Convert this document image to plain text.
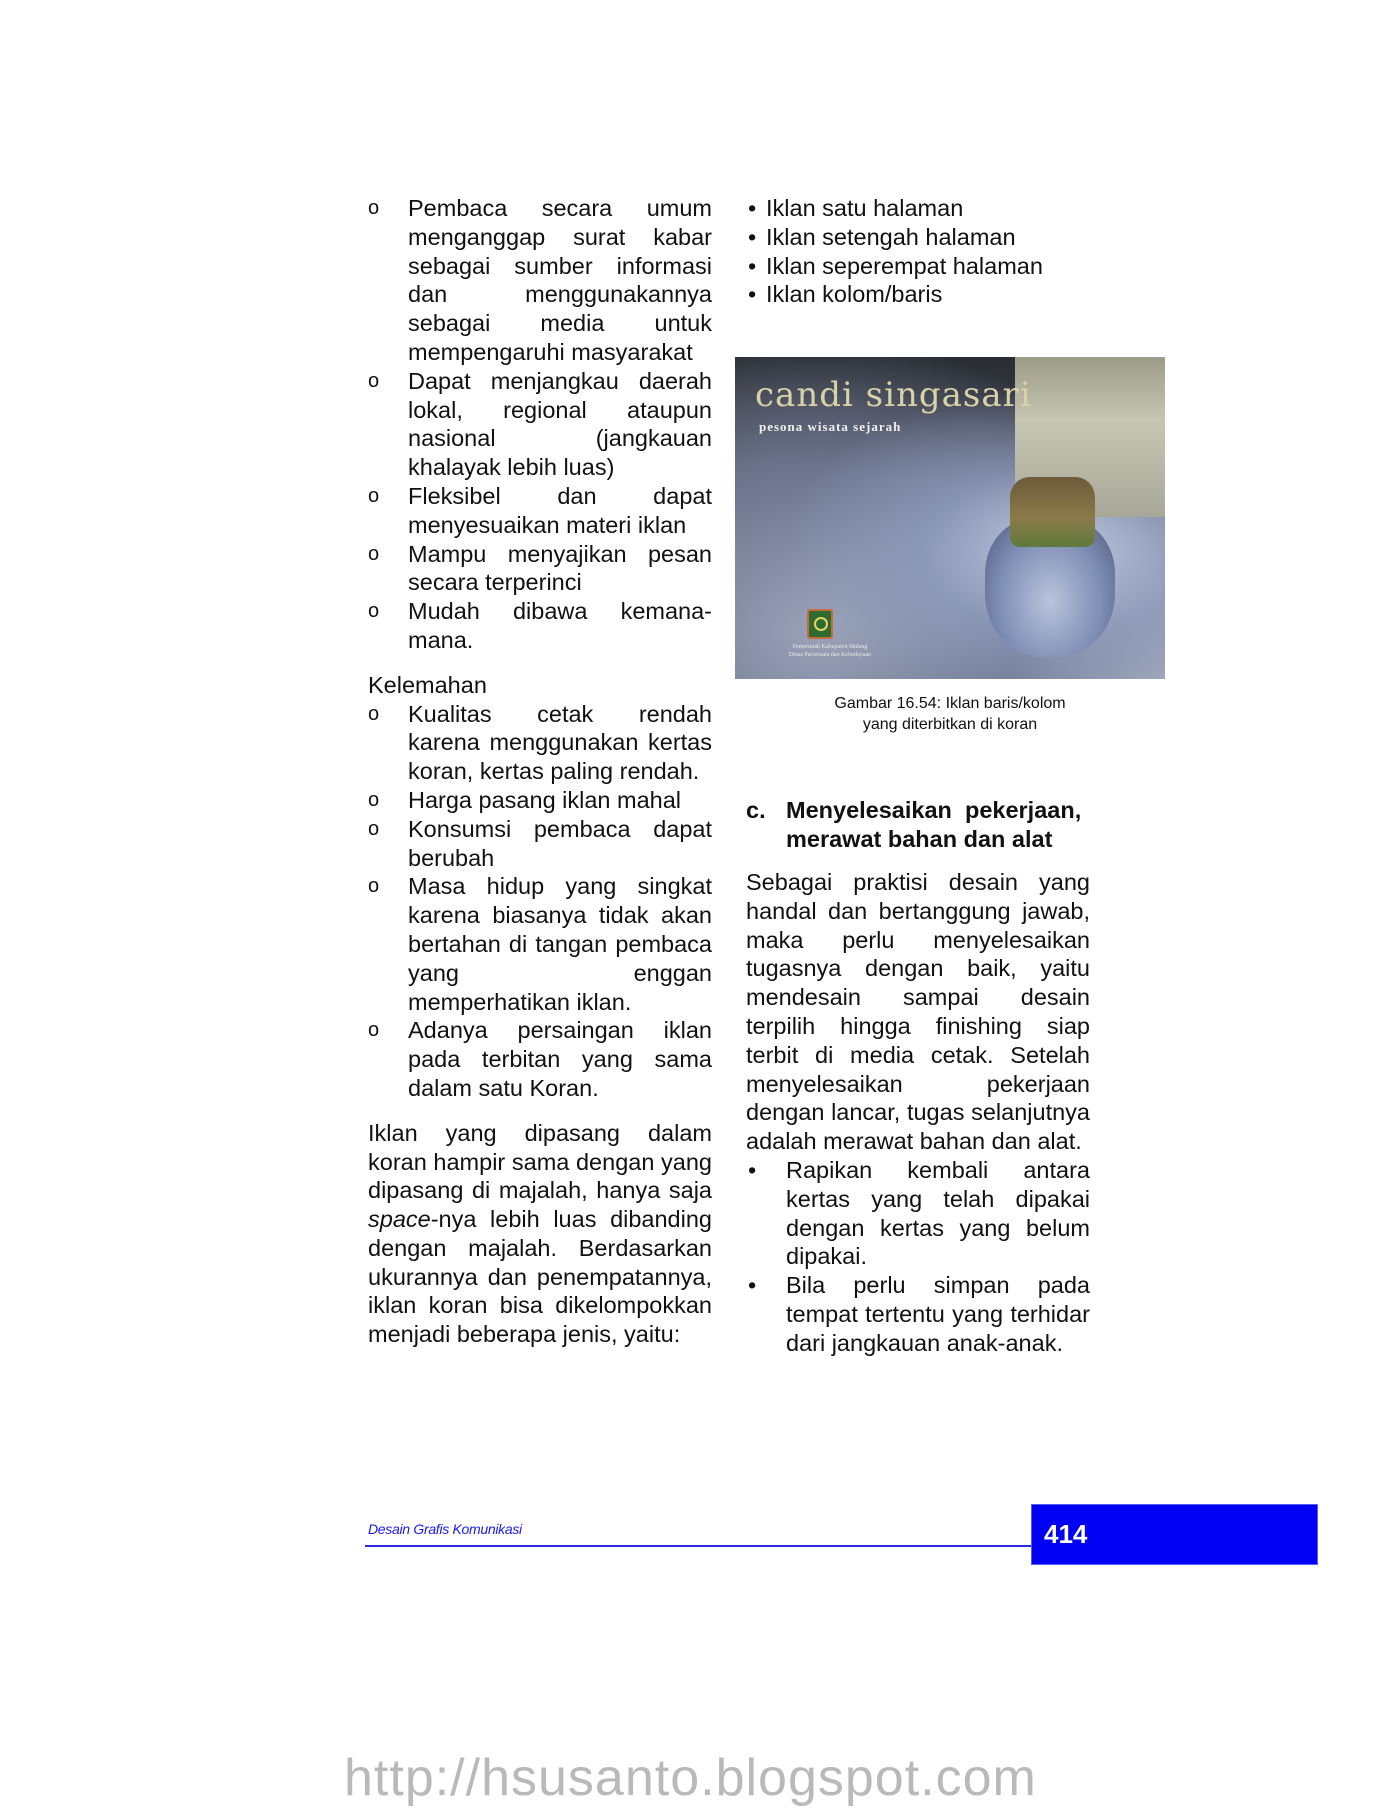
o Pembaca secara umum menganggap surat kabar sebagai sumber informasi dan menggunakannya sebagai media untuk mempengaruhi masyarakat
o Dapat menjangkau daerah lokal, regional ataupun nasional (jangkauan khalayak lebih luas)
o Fleksibel dan dapat menyesuaikan materi iklan
o Mampu menyajikan pesan secara terperinci
o Mudah dibawa kemana-mana.
Kelemahan
o Kualitas cetak rendah karena menggunakan kertas koran, kertas paling rendah.
o Harga pasang iklan mahal
o Konsumsi pembaca dapat berubah
o Masa hidup yang singkat karena biasanya tidak akan bertahan di tangan pembaca yang enggan memperhatikan iklan.
o Adanya persaingan iklan pada terbitan yang sama dalam satu Koran.

Iklan yang dipasang dalam koran hampir sama dengan yang dipasang di majalah, hanya saja space-nya lebih luas dibanding dengan majalah. Berdasarkan ukurannya dan penempatannya, iklan koran bisa dikelompokkan menjadi beberapa jenis, yaitu:

• Iklan satu halaman
• Iklan setengah halaman
• Iklan seperempat halaman
• Iklan kolom/baris
candi singasari
pesona wisata sejarah
Pemerintah Kabupaten Malang
Dinas Pariwisata dan Kebudayaan
Gambar 16.54: Iklan baris/kolom
yang diterbitkan di koran
c. Menyelesaikan  pekerjaan,
merawat bahan dan alat
Sebagai praktisi desain yang handal dan bertanggung jawab, maka perlu menyelesaikan tugasnya dengan baik, yaitu mendesain sampai desain terpilih hingga finishing siap terbit di media cetak. Setelah menyelesaikan pekerjaan dengan lancar, tugas selanjutnya adalah merawat bahan dan alat.
• Rapikan kembali antara kertas yang telah dipakai dengan kertas yang belum dipakai.
• Bila perlu simpan pada tempat tertentu yang terhidar dari jangkauan anak-anak.
Desain Grafis Komunikasi	414
http://hsusanto.blogspot.com
